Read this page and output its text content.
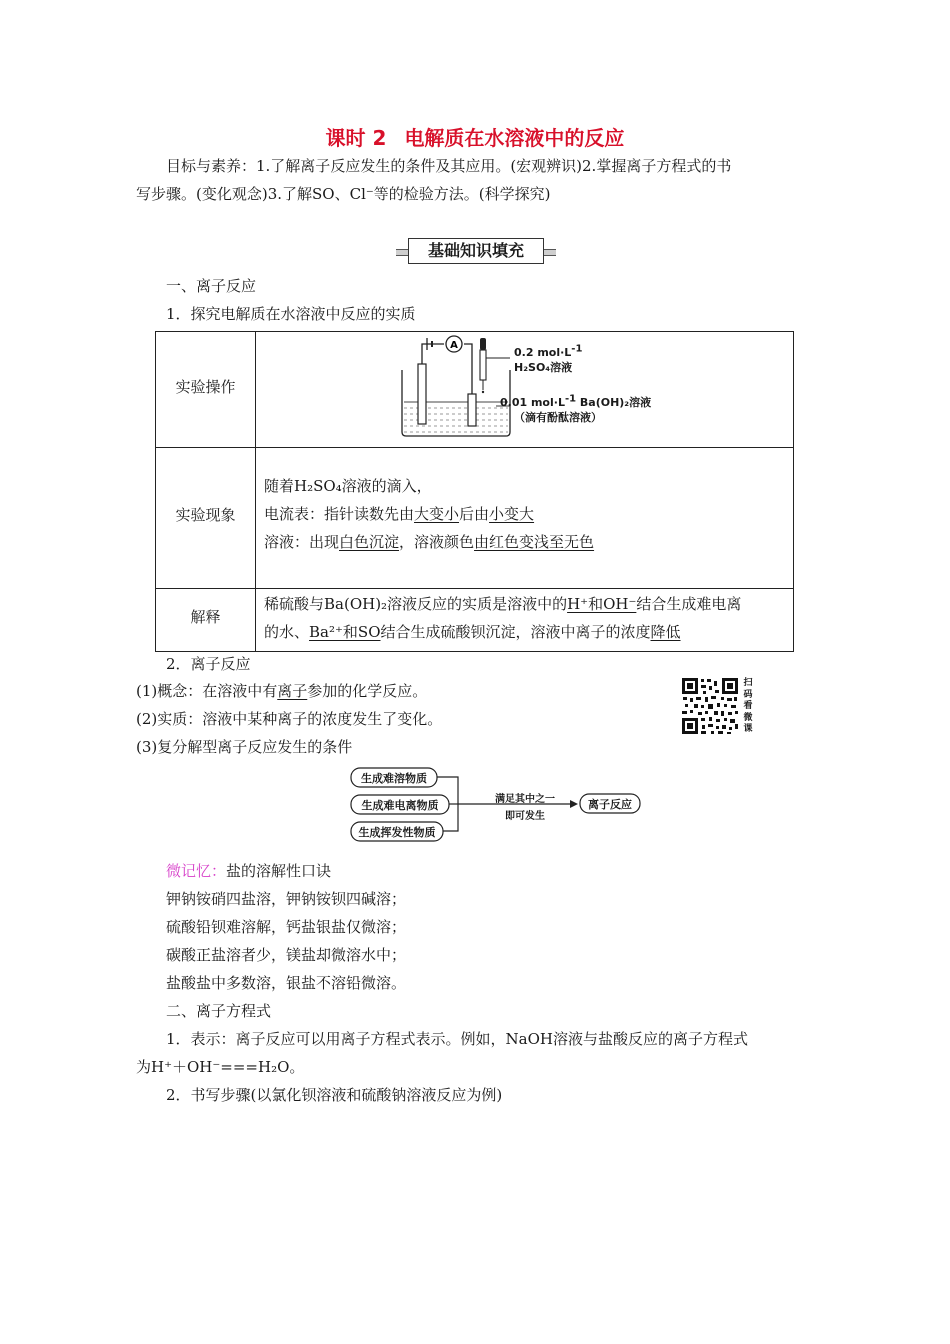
课时 2 电解质在水溶液中的反应
目标与素养：1.了解离子反应发生的条件及其应用。(宏观辨识)2.掌握离子方程式的书
写步骤。(变化观念)3.了解SO、Cl⁻等的检验方法。(科学探究)
基础知识填充
一、离子反应
1．探究电解质在水溶液中反应的实质
实验操作
实验现象
解释
A
0.2 $mol\cdot L^{-1}$
H₂SO₄溶液
0.01 $mol\cdot L^{-1}$ Ba(OH)₂溶液
（滴有酚酞溶液）
随着H₂SO₄溶液的滴入，
电流表：指针读数先由大变小后由小变大
溶液：出现白色沉淀，溶液颜色由红色变浅至无色
稀硫酸与Ba(OH)₂溶液反应的实质是溶液中的H⁺和OH⁻结合生成难电离
的水、Ba²⁺和SO结合生成硫酸钡沉淀，溶液中离子的浓度降低
2．离子反应
(1)概念：在溶液中有离子参加的化学反应。
(2)实质：溶液中某种离子的浓度发生了变化。
(3)复分解型离子反应发生的条件
扫
码
看
微
课
生成难溶物质
生成难电离物质
生成挥发性物质
满足其中之一
即可发生
离子反应
微记忆：盐的溶解性口诀
钾钠铵硝四盐溶，钾钠铵钡四碱溶；
硫酸铅钡难溶解，钙盐银盐仅微溶；
碳酸正盐溶者少，镁盐却微溶水中；
盐酸盐中多数溶，银盐不溶铅微溶。
二、离子方程式
1．表示：离子反应可以用离子方程式表示。例如，NaOH溶液与盐酸反应的离子方程式
为H⁺＋OH⁻===H₂O。
2．书写步骤(以氯化钡溶液和硫酸钠溶液反应为例)
